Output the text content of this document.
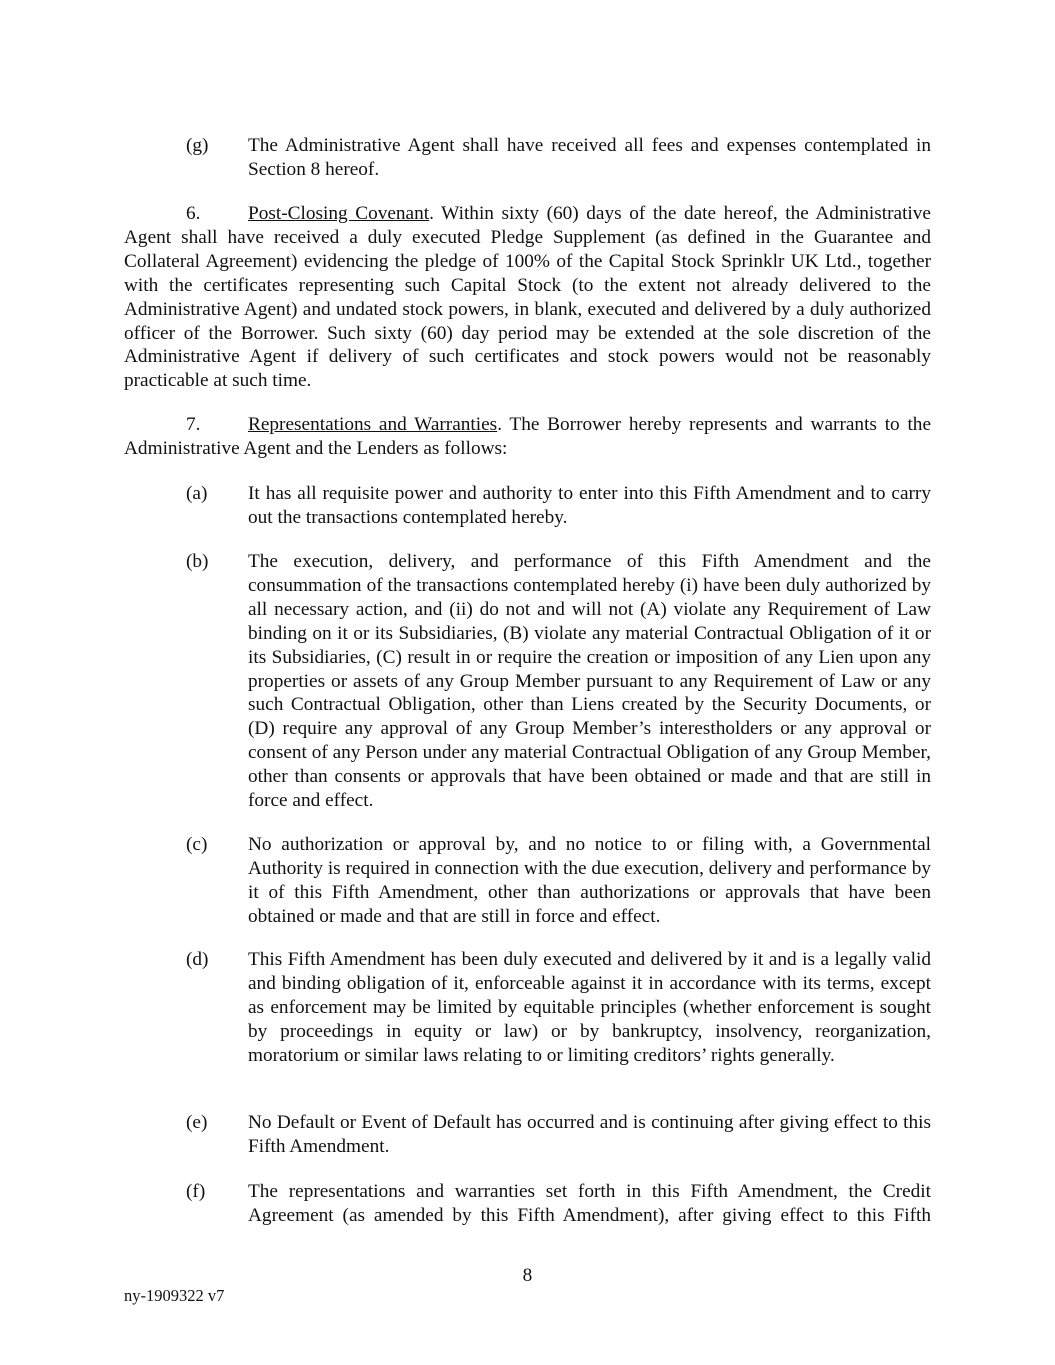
(g) The Administrative Agent shall have received all fees and expenses contemplated in Section 8 hereof.
6. Post-Closing Covenant. Within sixty (60) days of the date hereof, the Administrative Agent shall have received a duly executed Pledge Supplement (as defined in the Guarantee and Collateral Agreement) evidencing the pledge of 100% of the Capital Stock Sprinklr UK Ltd., together with the certificates representing such Capital Stock (to the extent not already delivered to the Administrative Agent) and undated stock powers, in blank, executed and delivered by a duly authorized officer of the Borrower. Such sixty (60) day period may be extended at the sole discretion of the Administrative Agent if delivery of such certificates and stock powers would not be reasonably practicable at such time.
7. Representations and Warranties. The Borrower hereby represents and warrants to the Administrative Agent and the Lenders as follows:
(a) It has all requisite power and authority to enter into this Fifth Amendment and to carry out the transactions contemplated hereby.
(b) The execution, delivery, and performance of this Fifth Amendment and the consummation of the transactions contemplated hereby (i) have been duly authorized by all necessary action, and (ii) do not and will not (A) violate any Requirement of Law binding on it or its Subsidiaries, (B) violate any material Contractual Obligation of it or its Subsidiaries, (C) result in or require the creation or imposition of any Lien upon any properties or assets of any Group Member pursuant to any Requirement of Law or any such Contractual Obligation, other than Liens created by the Security Documents, or (D) require any approval of any Group Member’s interestholders or any approval or consent of any Person under any material Contractual Obligation of any Group Member, other than consents or approvals that have been obtained or made and that are still in force and effect.
(c) No authorization or approval by, and no notice to or filing with, a Governmental Authority is required in connection with the due execution, delivery and performance by it of this Fifth Amendment, other than authorizations or approvals that have been obtained or made and that are still in force and effect.
(d) This Fifth Amendment has been duly executed and delivered by it and is a legally valid and binding obligation of it, enforceable against it in accordance with its terms, except as enforcement may be limited by equitable principles (whether enforcement is sought by proceedings in equity or law) or by bankruptcy, insolvency, reorganization, moratorium or similar laws relating to or limiting creditors’ rights generally.
(e) No Default or Event of Default has occurred and is continuing after giving effect to this Fifth Amendment.
(f) The representations and warranties set forth in this Fifth Amendment, the Credit Agreement (as amended by this Fifth Amendment), after giving effect to this Fifth
8
ny-1909322 v7
